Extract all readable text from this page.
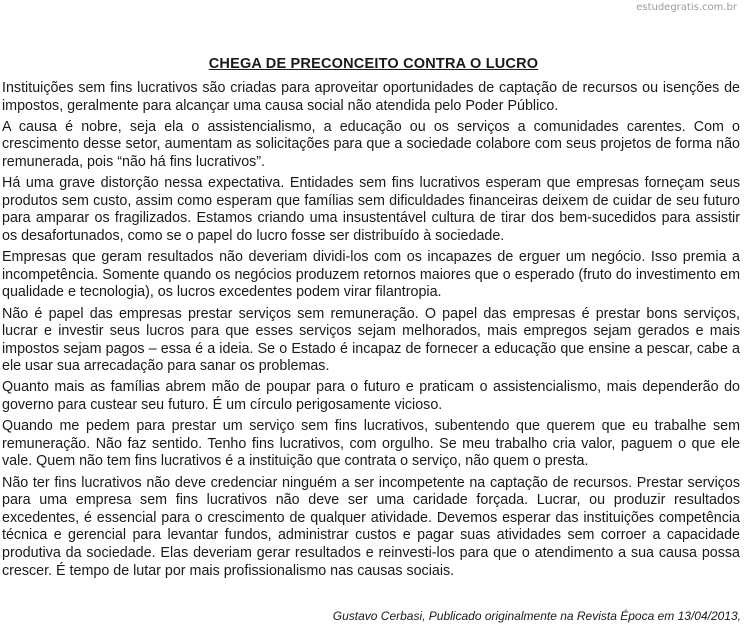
estudegratis.com.br
CHEGA DE PRECONCEITO CONTRA O LUCRO

Instituições sem fins lucrativos são criadas para aproveitar oportunidades de captação de recursos ou isenções de impostos, geralmente para alcançar uma causa social não atendida pelo Poder Público.

A causa é nobre, seja ela o assistencialismo, a educação ou os serviços a comunidades carentes. Com o crescimento desse setor, aumentam as solicitações para que a sociedade colabore com seus projetos de forma não remunerada, pois “não há fins lucrativos”.

Há uma grave distorção nessa expectativa. Entidades sem fins lucrativos esperam que empresas forneçam seus produtos sem custo, assim como esperam que famílias sem dificuldades financeiras deixem de cuidar de seu futuro para amparar os fragilizados. Estamos criando uma insustentável cultura de tirar dos bem-sucedidos para assistir os desafortunados, como se o papel do lucro fosse ser distribuído à sociedade.

Empresas que geram resultados não deveriam dividi-los com os incapazes de erguer um negócio. Isso premia a incompetência. Somente quando os negócios produzem retornos maiores que o esperado (fruto do investimento em qualidade e tecnologia), os lucros excedentes podem virar filantropia.

Não é papel das empresas prestar serviços sem remuneração. O papel das empresas é prestar bons serviços, lucrar e investir seus lucros para que esses serviços sejam melhorados, mais empregos sejam gerados e mais impostos sejam pagos – essa é a ideia. Se o Estado é incapaz de fornecer a educação que ensine a pescar, cabe a ele usar sua arrecadação para sanar os problemas.

Quanto mais as famílias abrem mão de poupar para o futuro e praticam o assistencialismo, mais dependerão do governo para custear seu futuro. É um círculo perigosamente vicioso.

Quando me pedem para prestar um serviço sem fins lucrativos, subentendo que querem que eu trabalhe sem remuneração. Não faz sentido. Tenho fins lucrativos, com orgulho. Se meu trabalho cria valor, paguem o que ele vale. Quem não tem fins lucrativos é a instituição que contrata o serviço, não quem o presta.

Não ter fins lucrativos não deve credenciar ninguém a ser incompetente na captação de recursos. Prestar serviços para uma empresa sem fins lucrativos não deve ser uma caridade forçada. Lucrar, ou produzir resultados excedentes, é essencial para o crescimento de qualquer atividade. Devemos esperar das instituições competência técnica e gerencial para levantar fundos, administrar custos e pagar suas atividades sem corroer a capacidade produtiva da sociedade. Elas deveriam gerar resultados e reinvesti-los para que o atendimento a sua causa possa crescer. É tempo de lutar por mais profissionalismo nas causas sociais.

Gustavo Cerbasi, Publicado originalmente na Revista Época em 13/04/2013,
